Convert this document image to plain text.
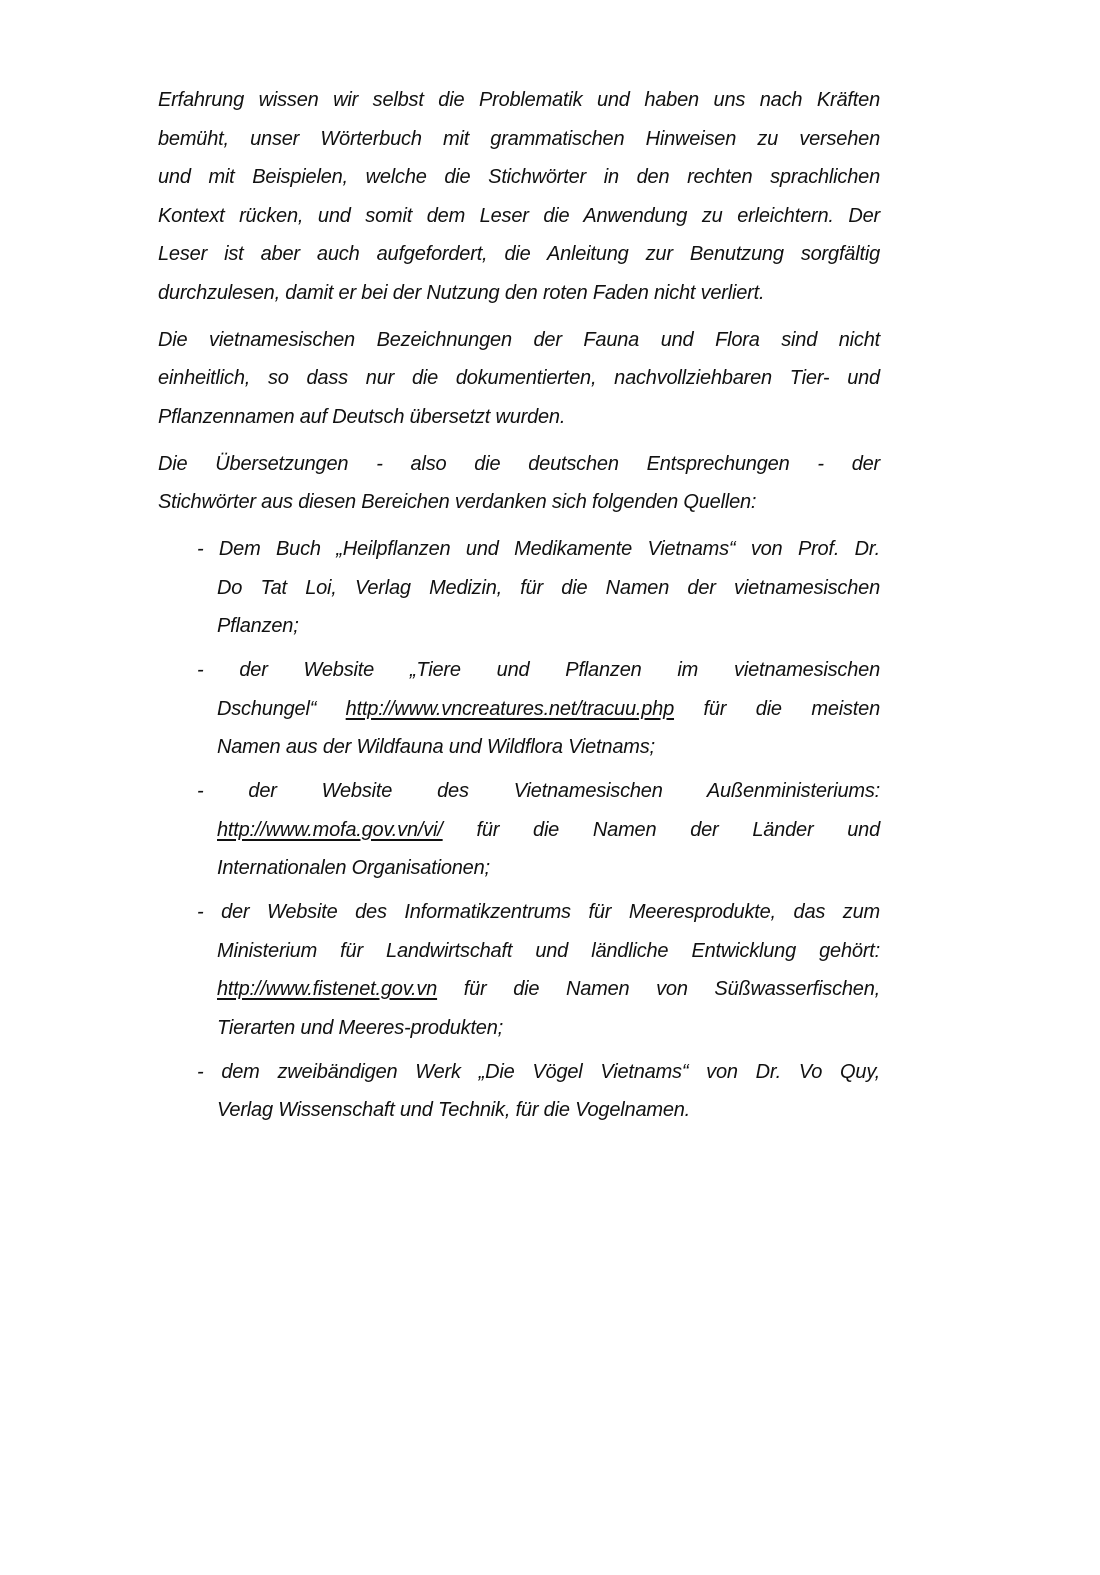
Erfahrung wissen wir selbst die Problematik und haben uns nach Kräften
bemüht, unser Wörterbuch mit grammatischen Hinweisen zu versehen
und mit Beispielen, welche die Stichwörter in den rechten sprachlichen
Kontext rücken, und somit dem Leser die Anwendung zu erleichtern. Der
Leser ist aber auch aufgefordert, die Anleitung zur Benutzung sorgfältig
durchzulesen, damit er bei der Nutzung den roten Faden nicht verliert.
Die vietnamesischen Bezeichnungen der Fauna und Flora sind nicht
einheitlich, so dass nur die dokumentierten, nachvollziehbaren Tier- und
Pflanzennamen auf Deutsch übersetzt wurden.
Die Übersetzungen - also die deutschen Entsprechungen - der
Stichwörter aus diesen Bereichen verdanken sich folgenden Quellen:
- Dem Buch „Heilpflanzen und Medikamente Vietnams“ von Prof. Dr.
Do Tat Loi, Verlag Medizin, für die Namen der vietnamesischen
Pflanzen;
- der Website „Tiere und Pflanzen im vietnamesischen
Dschungel“ http://www.vncreatures.net/tracuu.php für die meisten
Namen aus der Wildfauna und Wildflora Vietnams;
- der Website des Vietnamesischen Außenministeriums:
http://www.mofa.gov.vn/vi/ für die Namen der Länder und
Internationalen Organisationen;
- der Website des Informatikzentrums für Meeresprodukte, das zum
Ministerium für Landwirtschaft und ländliche Entwicklung gehört:
http://www.fistenet.gov.vn für die Namen von Süßwasserfischen,
Tierarten und Meeres-produkten;
- dem zweibändigen Werk „Die Vögel Vietnams“ von Dr. Vo Quy,
Verlag Wissenschaft und Technik, für die Vogelnamen.
